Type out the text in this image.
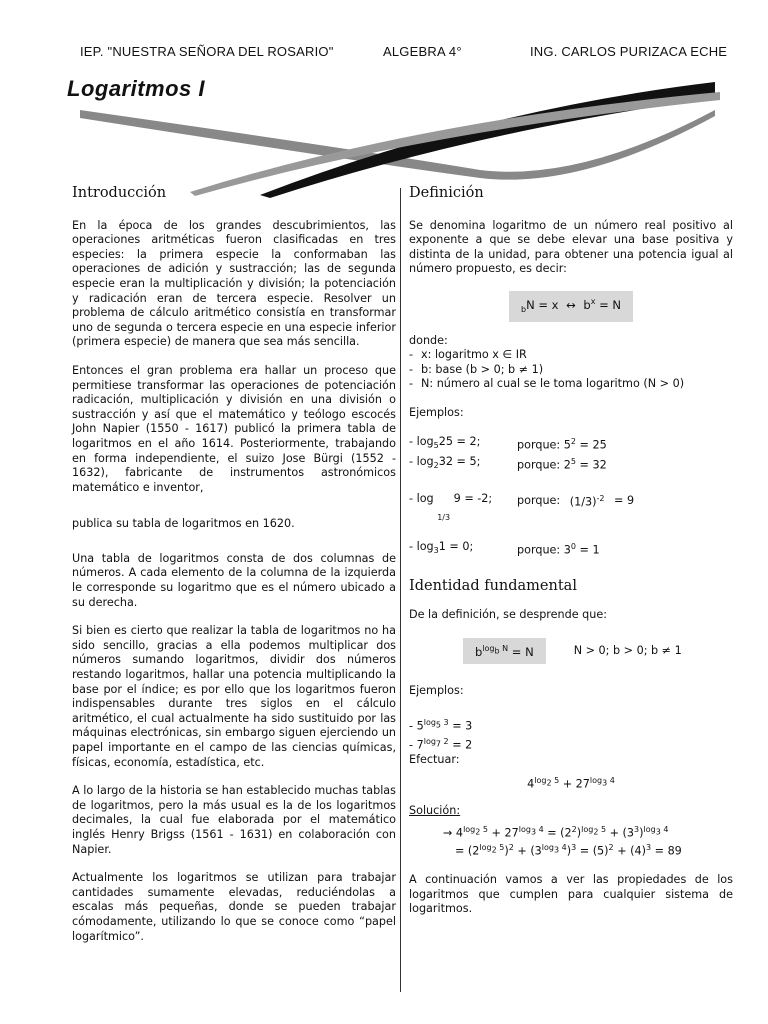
IEP. "NUESTRA SEÑORA DEL ROSARIO"	ALGEBRA 4°	ING. CARLOS PURIZACA ECHE
Logaritmos I
Introducción

En la época de los grandes descubrimientos, las operaciones aritméticas fueron clasificadas en tres especies: la primera especie la conformaban las operaciones de adición y sustracción; las de segunda especie eran la multiplicación y división; la potenciación y radicación eran de tercera especie. Resolver un problema de cálculo aritmético consistía en transformar uno de segunda o tercera especie en una especie inferior (primera especie) de manera que sea más sencilla.

Entonces el gran problema era hallar un proceso que permitiese transformar las operaciones de potenciación radicación, multiplicación y división en una división o sustracción y así que el matemático y teólogo escocés John Napier (1550 - 1617) publicó la primera tabla de logaritmos en el año 1614. Posteriormente, trabajando en forma independiente, el suizo Jose Bürgi (1552 - 1632), fabricante de instrumentos astronómicos matemático e inventor,

publica su tabla de logaritmos en 1620.

Una tabla de logaritmos consta de dos columnas de números. A cada elemento de la columna de la izquierda le corresponde su logaritmo que es el número ubicado a su derecha.

Si bien es cierto que realizar la tabla de logaritmos no ha sido sencillo, gracias a ella podemos multiplicar dos números sumando logaritmos, dividir dos números restando logaritmos, hallar una potencia multiplicando la base por el índice; es por ello que los logaritmos fueron indispensables durante tres siglos en el cálculo aritmético, el cual actualmente ha sido sustituido por las máquinas electrónicas, sin embargo siguen ejerciendo un papel importante en el campo de las ciencias químicas, físicas, economía, estadística, etc.

A lo largo de la historia se han establecido muchas tablas de logaritmos, pero la más usual es la de los logaritmos decimales, la cual fue elaborada por el matemático inglés Henry Brigss (1561 - 1631) en colaboración con Napier.

Actualmente los logaritmos se utilizan para trabajar cantidades sumamente elevadas, reduciéndolas a escalas más pequeñas, donde se pueden trabajar cómodamente, utilizando lo que se conoce como “papel logarítmico”.

Definición

Se denomina logaritmo de un número real positivo al exponente a que se debe elevar una base positiva y distinta de la unidad, para obtener una potencia igual al número propuesto, es decir:

$_b$N = x ↔ $b^x = N$
donde:
- x: logaritmo x ∈ IR
- b: base (b > 0; b ≠ 1)
- N: número al cual se le toma logaritmo (N > 0)
Ejemplos:
- $\log_525 = 2$;	porque: $5^2 = 25$
- $\log_232 = 5$;	porque: $2^5 = 32$
- log $_{1/3}$ 9 = -2;	porque: $(1/3)^{-2} = 9$
- $\log_31 = 0$;	porque: $3^0 = 1$
Identidad fundamental

De la definición, se desprende que:

$b^{log_b N} = N$	N > 0; b > 0; b ≠ 1
Ejemplos:
- $5^{log_5 3} = 3$
- $7^{log_7 2} = 2$
Efectuar:
$4^{log_2 5} + 27^{log_3 4}$
Solución:
→ $4^{log_2 5} + 27^{log_3 4} = (2^2)^{log_2 5} + (3^3)^{log_3 4}$
= $(2^{log_2 5})^2 + (3^{log_3 4})^3 = (5)^2 + (4)^3 = 89$

A continuación vamos a ver las propiedades de los logaritmos que cumplen para cualquier sistema de logaritmos.
